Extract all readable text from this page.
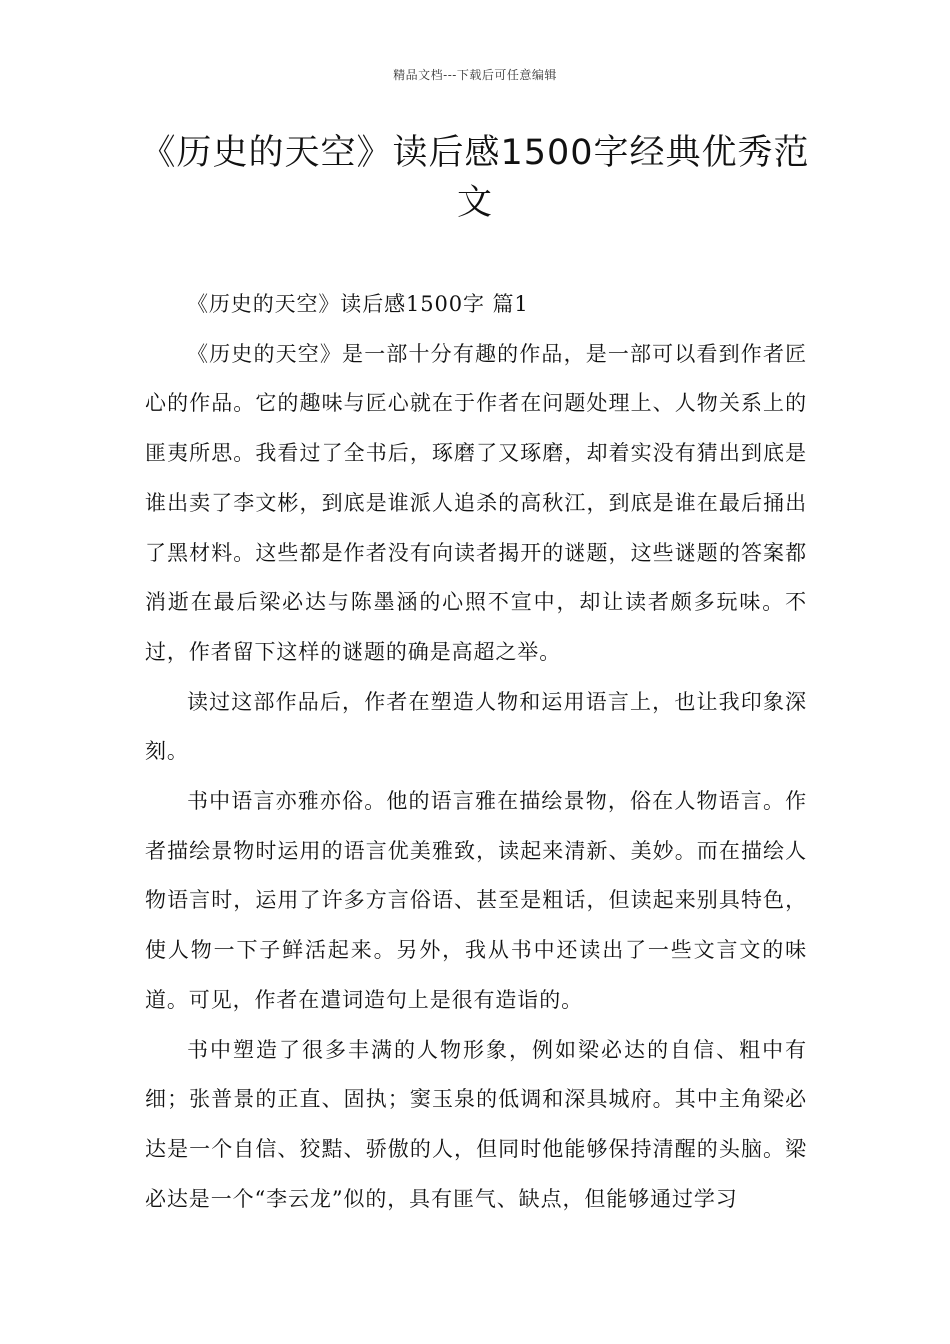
精品文档---下载后可任意编辑
《历史的天空》读后感1500字经典优秀范文

《历史的天空》读后感1500字 篇1

《历史的天空》是一部十分有趣的作品，是一部可以看到作者匠心的作品。它的趣味与匠心就在于作者在问题处理上、人物关系上的匪夷所思。我看过了全书后，琢磨了又琢磨，却着实没有猜出到底是谁出卖了李文彬，到底是谁派人追杀的高秋江，到底是谁在最后捅出了黑材料。这些都是作者没有向读者揭开的谜题，这些谜题的答案都消逝在最后梁必达与陈墨涵的心照不宣中，却让读者颇多玩味。不过，作者留下这样的谜题的确是高超之举。

读过这部作品后，作者在塑造人物和运用语言上，也让我印象深刻。

书中语言亦雅亦俗。他的语言雅在描绘景物，俗在人物语言。作者描绘景物时运用的语言优美雅致，读起来清新、美妙。而在描绘人物语言时，运用了许多方言俗语、甚至是粗话，但读起来别具特色，使人物一下子鲜活起来。另外，我从书中还读出了一些文言文的味道。可见，作者在遣词造句上是很有造诣的。

书中塑造了很多丰满的人物形象，例如梁必达的自信、粗中有细；张普景的正直、固执；窦玉泉的低调和深具城府。其中主角梁必达是一个自信、狡黠、骄傲的人，但同时他能够保持清醒的头脑。梁必达是一个“李云龙”似的，具有匪气、缺点，但能够通过学习
